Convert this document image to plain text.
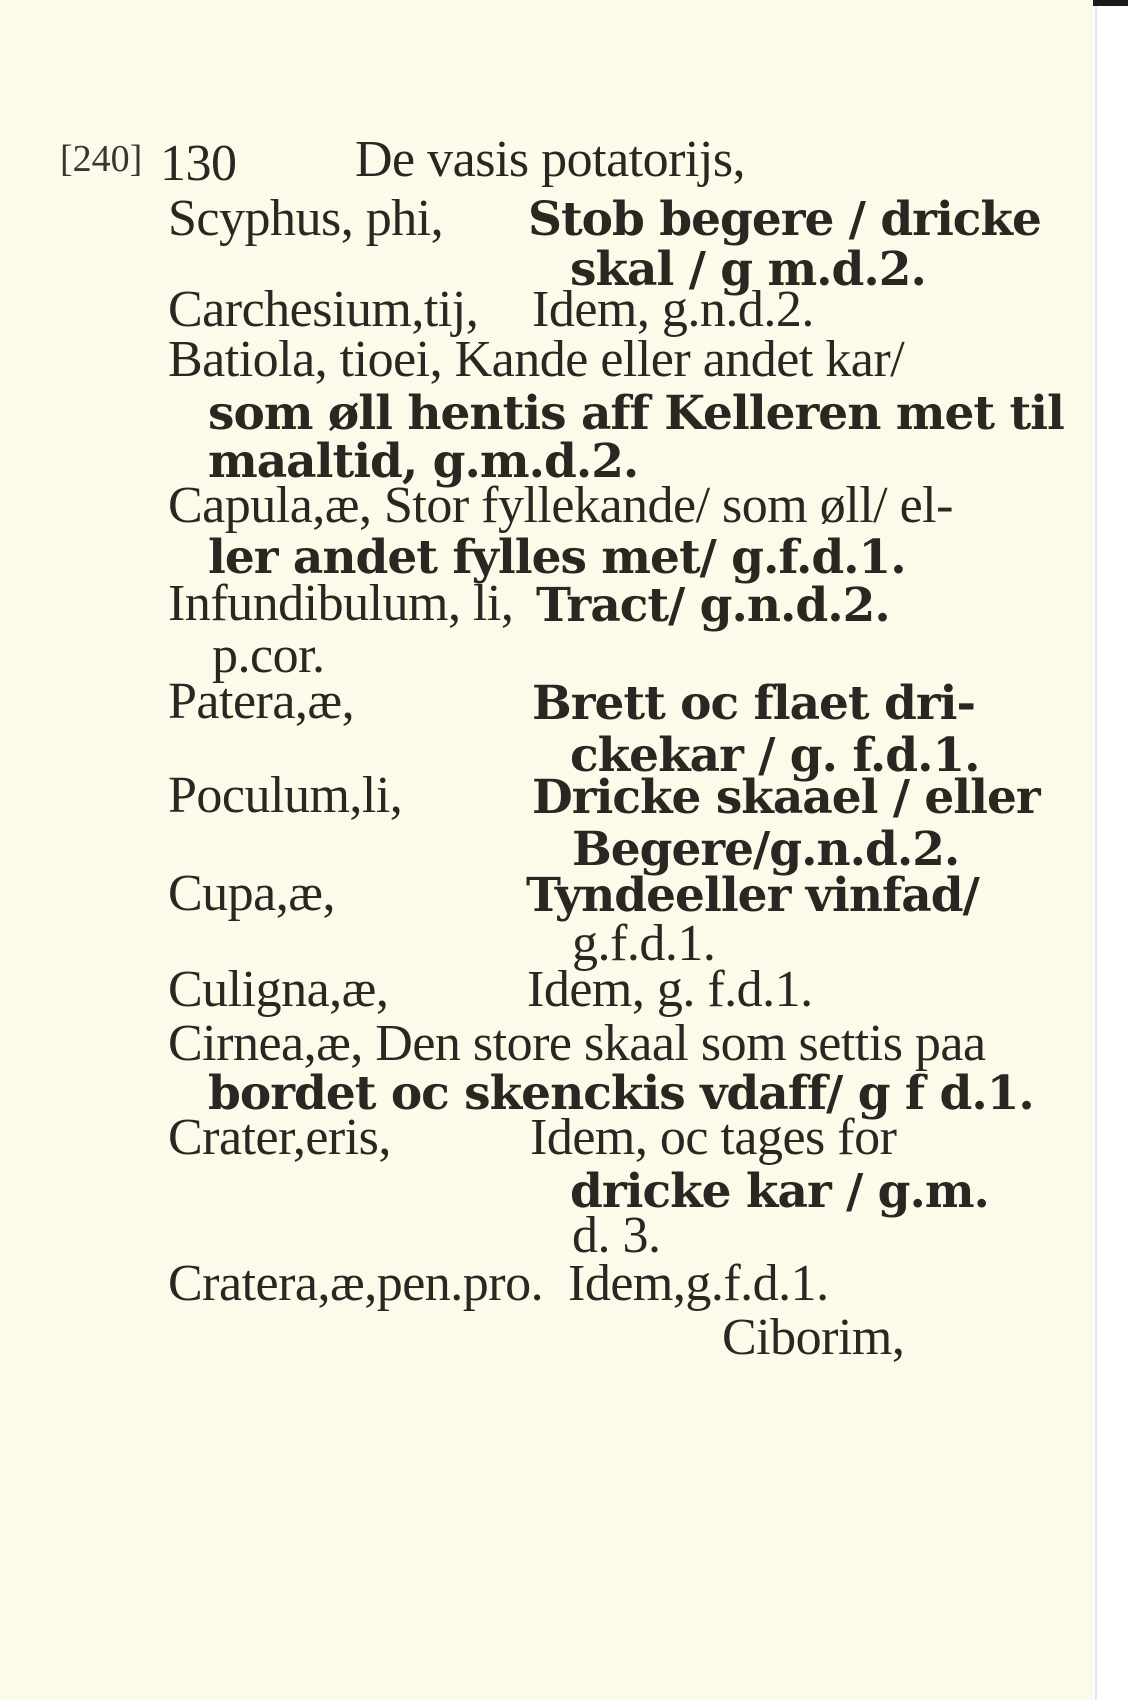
[240] 130 De vasis potatorijs,
Scyphus, phi, Stob begere / dricke
skal / g m.d.2.
Carchesium,tij, Idem, g.n.d.2.
Batiola, tioei, Kande eller andet kar/
som øll hentis aff Kelleren met til
maaltid, g.m.d.2.
Capula,æ, Stor fyllekande/ som øll/ el-
ler andet fylles met/ g.f.d.1.
Infundibulum, li, Tract/ g.n.d.2.
p.cor.
Patera,æ,	Brett oc flaet dri-
ckekar / g. f.d.1.
Poculum,li,	Dricke skaael / eller
Begere/g.n.d.2.
Cupa,æ,	Tyndeeller vinfad/
g.f.d.1.
Culigna,æ,	Idem, g. f.d.1.
Cirnea,æ, Den store skaal som settis paa
bordet oc skenckis vdaff/ g f d.1.
Crater,eris,	Idem, oc tages for
dricke kar / g.m.
d. 3.
Cratera,æ,pen.pro. Idem,g.f.d.1.
Ciborim,
